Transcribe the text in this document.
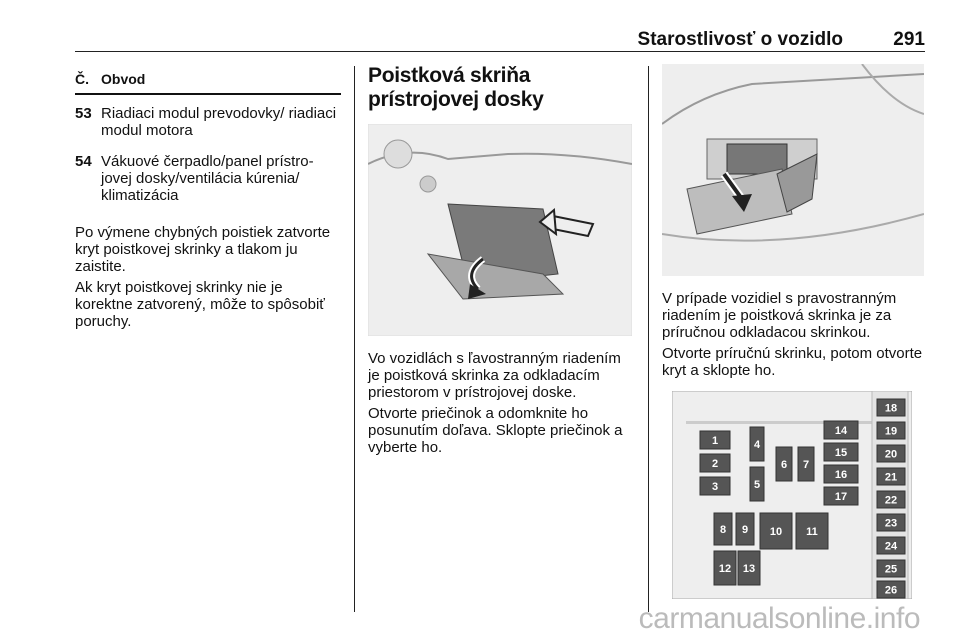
Starostlivosť o vozidlo	291
Č. Obvod
53 Riadiaci modul prevodovky/ riadiaci modul motora
54 Vákuové čerpadlo/panel prístro-jovej dosky/ventilácia kúrenia/ klimatizácia

Po výmene chybných poistiek zatvorte kryt poistkovej skrinky a tlakom ju zaistite.

Ak kryt poistkovej skrinky nie je korektne zatvorený, môže to spôsobiť poruchy.

Poistková skriňa prístrojovej dosky

Vo vozidlách s ľavostranným riadením je poistková skrinka za odkladacím priestorom v prístrojovej doske.

Otvorte priečinok a odomknite ho posunutím doľava. Sklopte priečinok a vyberte ho.

V prípade vozidiel s pravostranným riadením je poistková skrinka je za príručnou odkladacou skrinkou.

Otvorte príručnú skrinku, potom otvorte kryt a sklopte ho.

1
2
3
4
5
6 7
14
15
16
17
18
19
20
21
22
23
24
25
26
8 9 10 11
12 13
carmanualsonline.info
